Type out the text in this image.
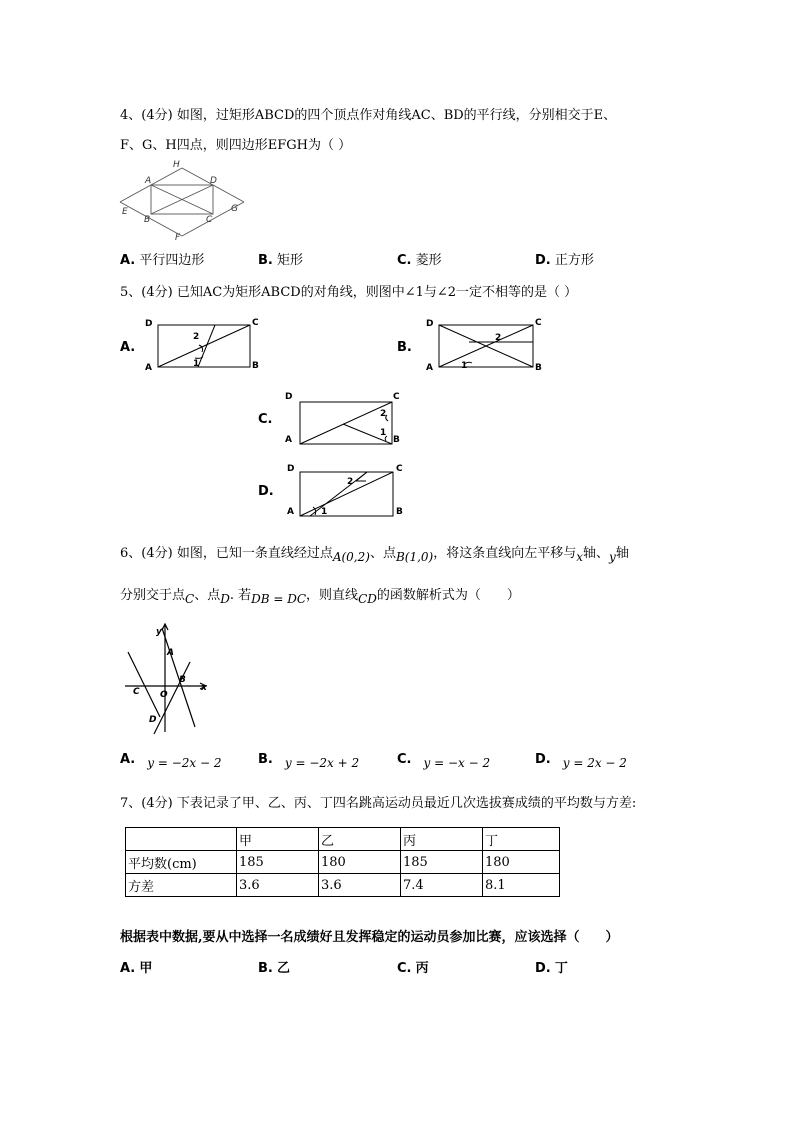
4、(4分) 如图，过矩形ABCD的四个顶点作对角线AC、BD的平行线，分别相交于E、
F、G、H四点，则四边形EFGH为（ ）
H
A	D
E
B	C
G
F
A. 平行四边形	B. 矩形	C. 菱形	D. 正方形
5、(4分) 已知AC为矩形ABCD的对角线，则图中∠1与∠2一定不相等的是（ ）
A.
D	C
A	B
2
1
B.
D	C
A	B
2
1
C.
D	C
A	B
2
1
D.
D	C
A	B
2
1
6、(4分) 如图，已知一条直线经过点A(0,2)、点B(1,0)，将这条直线向左平移与x轴、y轴
分别交于点C、点D. 若DB = DC，则直线CD的函数解析式为（　　）
y
A
B
C O
D
x
A. y = −2x − 2	B. y = −2x + 2	C. y = −x − 2	D. y = 2x − 2
7、(4分) 下表记录了甲、乙、丙、丁四名跳高运动员最近几次选拔赛成绩的平均数与方差:
	甲	乙	丙	丁
平均数(cm)	185	180	185	180
方差	3.6	3.6	7.4	8.1
根据表中数据,要从中选择一名成绩好且发挥稳定的运动员参加比赛，应该选择（　　）
A. 甲	B. 乙	C. 丙	D. 丁
